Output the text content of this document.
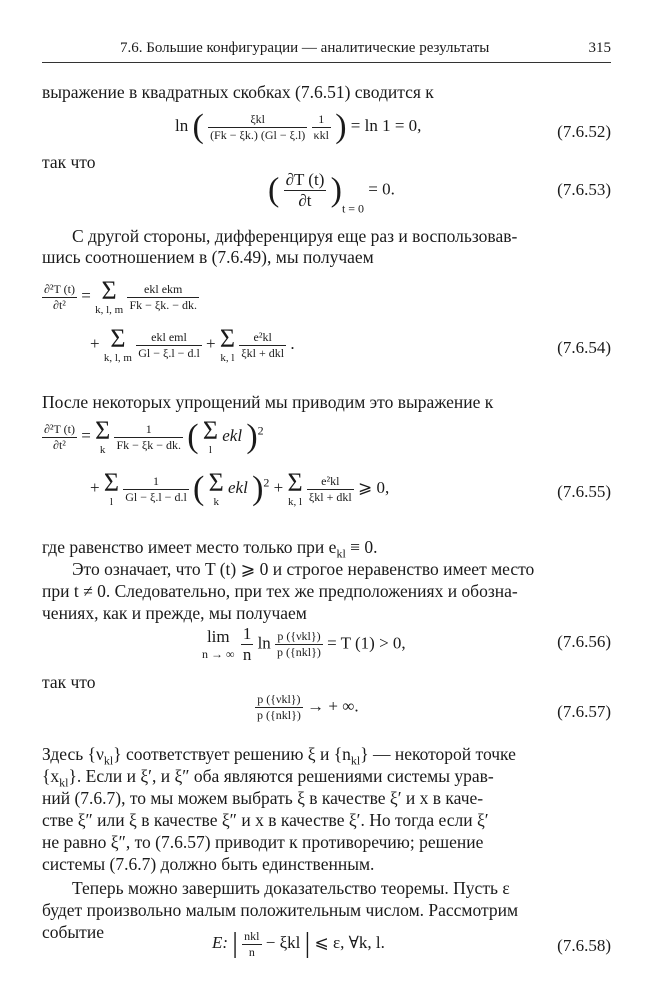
7.6. Большие конфигурации — аналитические результаты	315
выражение в квадратных скобках (7.6.51) сводится к
ln ( $\frac{\text{ξkl}}{(Fk - \xi k.) (Gl - \xi.l)}$
$\frac{1}{\text{κkl}}$ ) = ln 1 = 0,	(7.6.52)
так что
( $\frac{\partial T (t)}{\partial t} )_{t = 0} = 0$.	(7.6.53)
С другой стороны, дифференцируя еще раз и воспользовав-
шись соотношением в (7.6.49), мы получаем
$\frac{\text{∂²T (t)}}{\text{∂t²}} = \Sigma$
k, l, m
$\frac{\text{ekl ekm}}{Fk - \xi k. - dk.}$
+ Σ
k, l, m
$\frac{\text{ekl eml}}{Gl - \xi.l - d.l} + \Sigma$
k, l
$\frac{\text{e²kl}}{\text{ξkl + dkl}}$ .	(7.6.54)
После некоторых упрощений мы приводим это выражение к
$\frac{\text{∂²T (t)}}{\text{∂t²}} = \Sigma$
k
$\frac{1}{Fk - \xi k - dk.}$ ( Σ
l
ekl )$^2$
+ Σ
l
$\frac{1}{Gl - \xi.l - d.l}$ ( Σ
k
ekl )$^2$ + Σ
k, l
$\frac{\text{e²kl}}{\text{ξkl + dkl}}$ ⩾ 0,	(7.6.55)
где равенство имеет место только при $e_{kl} \equiv 0$.
Это означает, что T (t) ⩾ 0 и строгое неравенство имеет место
при t ≠ 0. Следовательно, при тех же предположениях и обозна-
чениях, как и прежде, мы получаем
lim
n → ∞
$\frac{1}{n}$ $\ln \frac{\text{p (\{νkl\})}}{\text{p (\{nkl\})}} = T$ (1) > 0,	(7.6.56)
так что
$\frac{\text{p (\{νkl\})}}{\text{p (\{nkl\})}}$ → + ∞.	(7.6.57)
Здесь $\{\nu_{kl}\}$ соответствует решению ξ и $\{n_{kl}\}$ — некоторой точке
$\{x_{kl}\}$. Если и ξ′, и ξ″ оба являются решениями системы урав-
ний (7.6.7), то мы можем выбрать ξ в качестве ξ′ и x в каче-
стве ξ″ или ξ в качестве ξ″ и x в качестве ξ′. Но тогда если ξ′
не равно ξ″, то (7.6.57) приводит к противоречию; решение
системы (7.6.7) должно быть единственным.
Теперь можно завершить доказательство теоремы. Пусть ε
будет произвольно малым положительным числом. Рассмотрим
событие
E: | $\frac{\text{nkl}}{n} - \xi kl$ | ⩽ ε, ∀k, l.	(7.6.58)
